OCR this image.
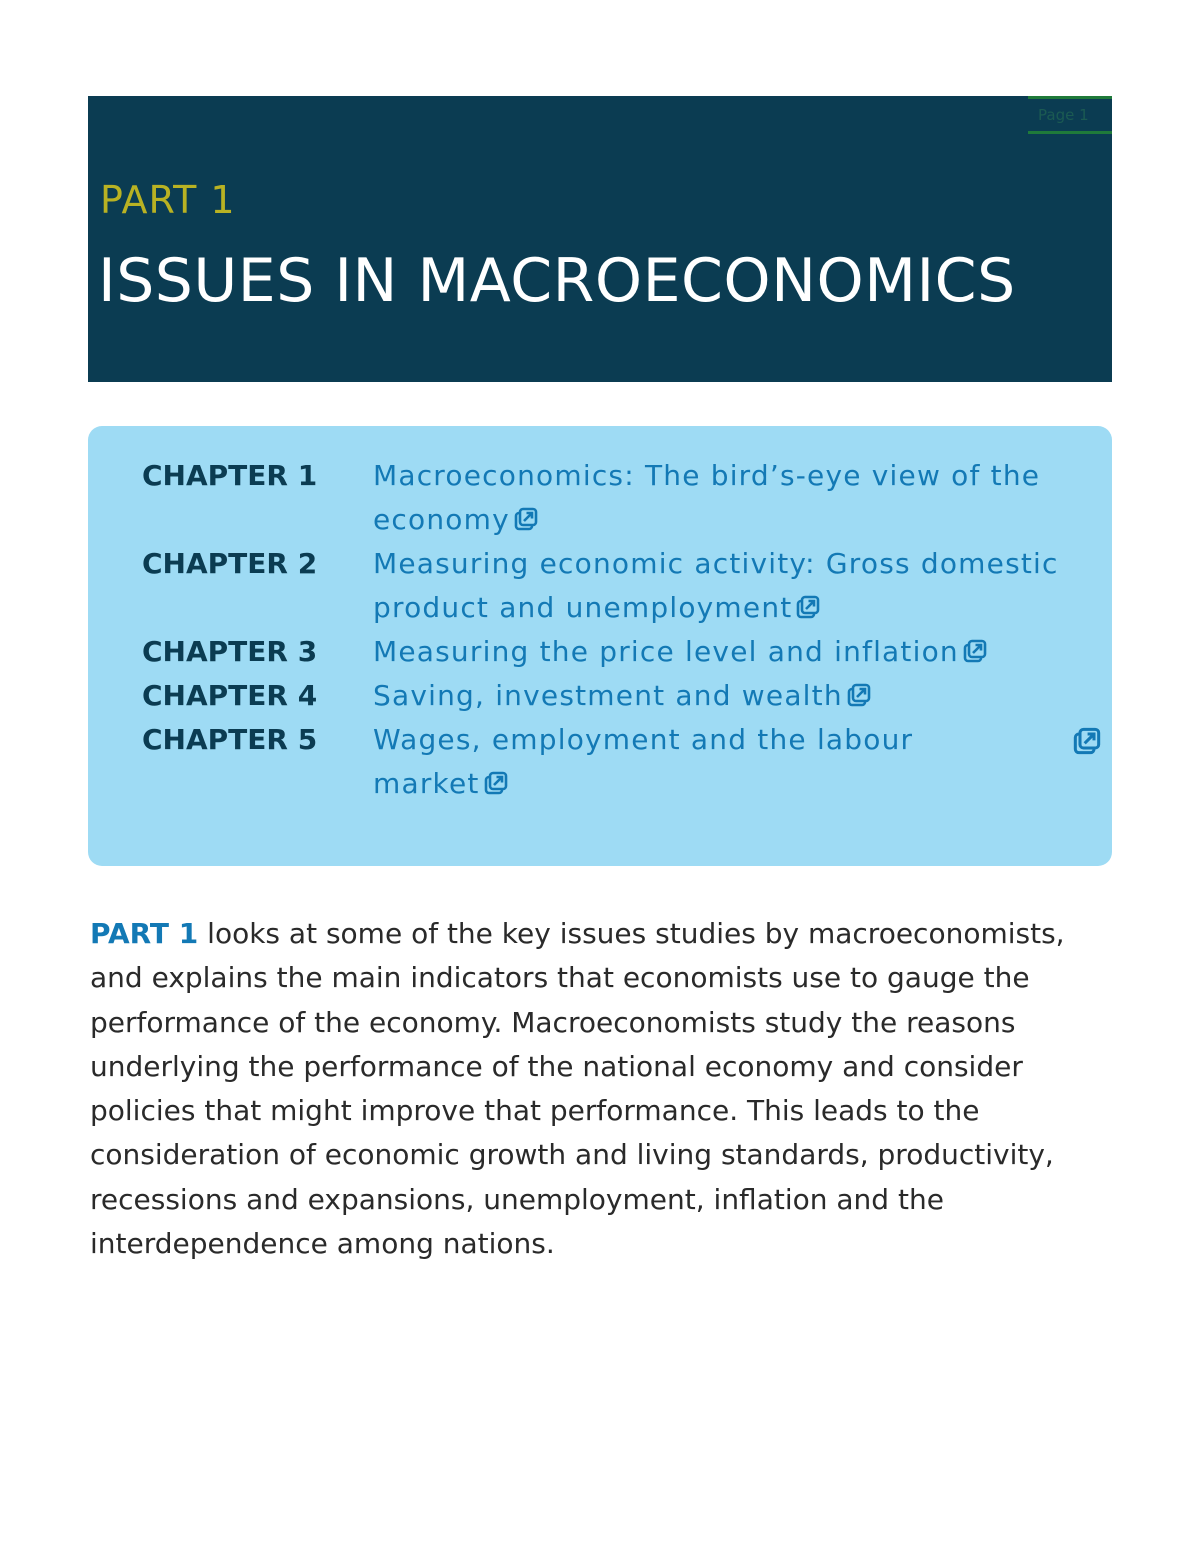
Page 1
PART 1
ISSUES IN MACROECONOMICS
CHAPTER 1 Macroeconomics: The bird’s-eye view of the economy
CHAPTER 2 Measuring economic activity: Gross domestic product and unemployment
CHAPTER 3 Measuring the price level and inflation
CHAPTER 4 Saving, investment and wealth
CHAPTER 5 Wages, employment and the labour market

PART 1 looks at some of the key issues studies by macroeconomists, and explains the main indicators that economists use to gauge the performance of the economy. Macroeconomists study the reasons underlying the performance of the national economy and consider policies that might improve that performance. This leads to the consideration of economic growth and living standards, productivity, recessions and expansions, unemployment, inflation and the interdependence among nations.
